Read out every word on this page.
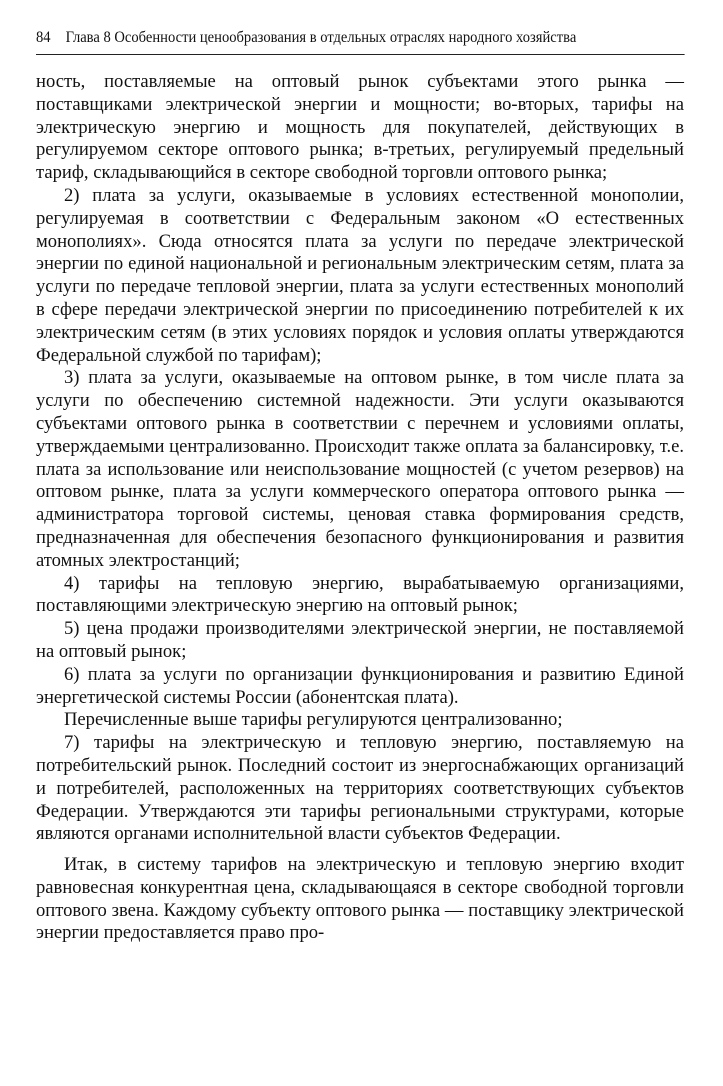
84 Глава 8 Особенности ценообразования в отдельных отраслях народного хозяйства

ность, поставляемые на оптовый рынок субъектами этого рынка — поставщиками электрической энергии и мощности; во-вторых, тарифы на электрическую энергию и мощность для покупателей, действующих в регулируемом секторе оптового рынка; в-третьих, регулируемый предельный тариф, складывающийся в секторе свободной торговли оптового рынка;

2) плата за услуги, оказываемые в условиях естественной монополии, регулируемая в соответствии с Федеральным законом «О естественных монополиях». Сюда относятся плата за услуги по передаче электрической энергии по единой национальной и региональным электрическим сетям, плата за услуги по передаче тепловой энергии, плата за услуги естественных монополий в сфере передачи электрической энергии по присоединению потребителей к их электрическим сетям (в этих условиях порядок и условия оплаты утверждаются Федеральной службой по тарифам);

3) плата за услуги, оказываемые на оптовом рынке, в том числе плата за услуги по обеспечению системной надежности. Эти услуги оказываются субъектами оптового рынка в соответствии с перечнем и условиями оплаты, утверждаемыми централизованно. Происходит также оплата за балансировку, т.е. плата за использование или неиспользование мощностей (с учетом резервов) на оптовом рынке, плата за услуги коммерческого оператора оптового рынка — администратора торговой системы, ценовая ставка формирования средств, предназначенная для обеспечения безопасного функционирования и развития атомных электростанций;

4) тарифы на тепловую энергию, вырабатываемую организациями, поставляющими электрическую энергию на оптовый рынок;

5) цена продажи производителями электрической энергии, не поставляемой на оптовый рынок;

6) плата за услуги по организации функционирования и развитию Единой энергетической системы России (абонентская плата).

Перечисленные выше тарифы регулируются централизованно;

7) тарифы на электрическую и тепловую энергию, поставляемую на потребительский рынок. Последний состоит из энергоснабжающих организаций и потребителей, расположенных на территориях соответствующих субъектов Федерации. Утверждаются эти тарифы региональными структурами, которые являются органами исполнительной власти субъектов Федерации.

Итак, в систему тарифов на электрическую и тепловую энергию входит равновесная конкурентная цена, складывающаяся в секторе свободной торговли оптового звена. Каждому субъекту оптового рынка — поставщику электрической энергии предоставляется право про-
